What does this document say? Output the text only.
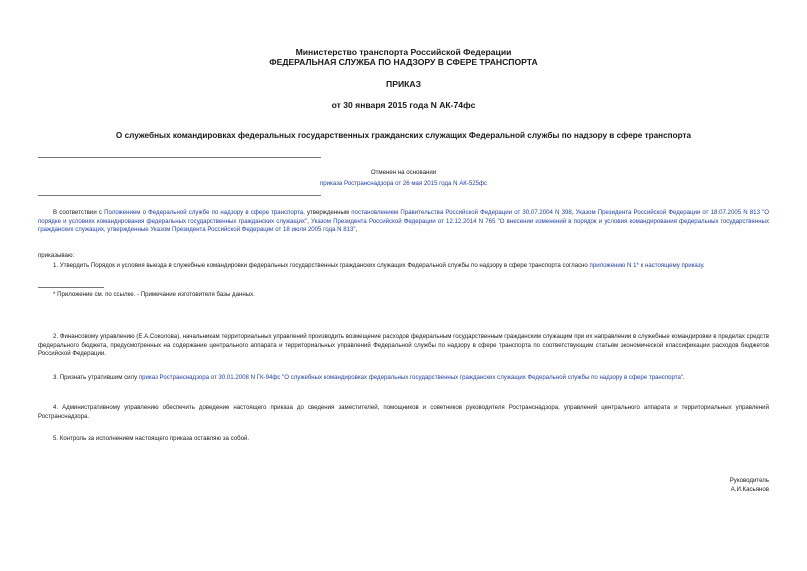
Министерство транспорта Российской Федерации
ФЕДЕРАЛЬНАЯ СЛУЖБА ПО НАДЗОРУ В СФЕРЕ ТРАНСПОРТА
ПРИКАЗ
от 30 января 2015 года N АК-74фс
О служебных командировках федеральных государственных гражданских служащих Федеральной службы по надзору в сфере транспорта
Отменен на основании
приказа Ространснадзора от 26 мая 2015 года N АК-525фс

В соответствии с Положением о Федеральной службе по надзору в сфере транспорта, утвержденным постановлением Правительства Российской Федерации от 30.07.2004 N 398, Указом Президента Российской Федерации от 18.07.2005 N 813 "О порядке и условиях командирования федеральных государственных гражданских служащих", Указом Президента Российской Федерации от 12.12.2014 N 765 "О внесении изменений в порядок и условия командирования федеральных государственных гражданских служащих, утвержденные Указом Президента Российской Федерации от 18 июля 2005 года N 813",

приказываю:

1. Утвердить Порядок и условия выезда в служебные командировки федеральных государственных гражданских служащих Федеральной службы по надзору в сфере транспорта согласно приложению N 1* к настоящему приказу.

* Приложение см. по ссылке. - Примечание изготовителя базы данных.

2. Финансовому управлению (Е.А.Соколова), начальникам территориальных управлений производить возмещение расходов федеральным государственным гражданским служащим при их направлении в служебные командировки в пределах средств федерального бюджета, предусмотренных на содержание центрального аппарата и территориальных управлений Федеральной службы по надзору в сфере транспорта по соответствующим статьям экономической классификации расходов бюджетов Российской Федерации.

3. Признать утратившим силу приказ Ространснадзора от 30.01.2008 N ГК-94фс "О служебных командировках федеральных государственных гражданских служащих Федеральной службы по надзору в сфере транспорта".

4. Административному управлению обеспечить доведение настоящего приказа до сведения заместителей, помощников и советников руководителя Ространснадзора, управлений центрального аппарата и территориальных управлений Ространснадзора.

5. Контроль за исполнением настоящего приказа оставляю за собой.

Руководитель
А.И.Касьянов
